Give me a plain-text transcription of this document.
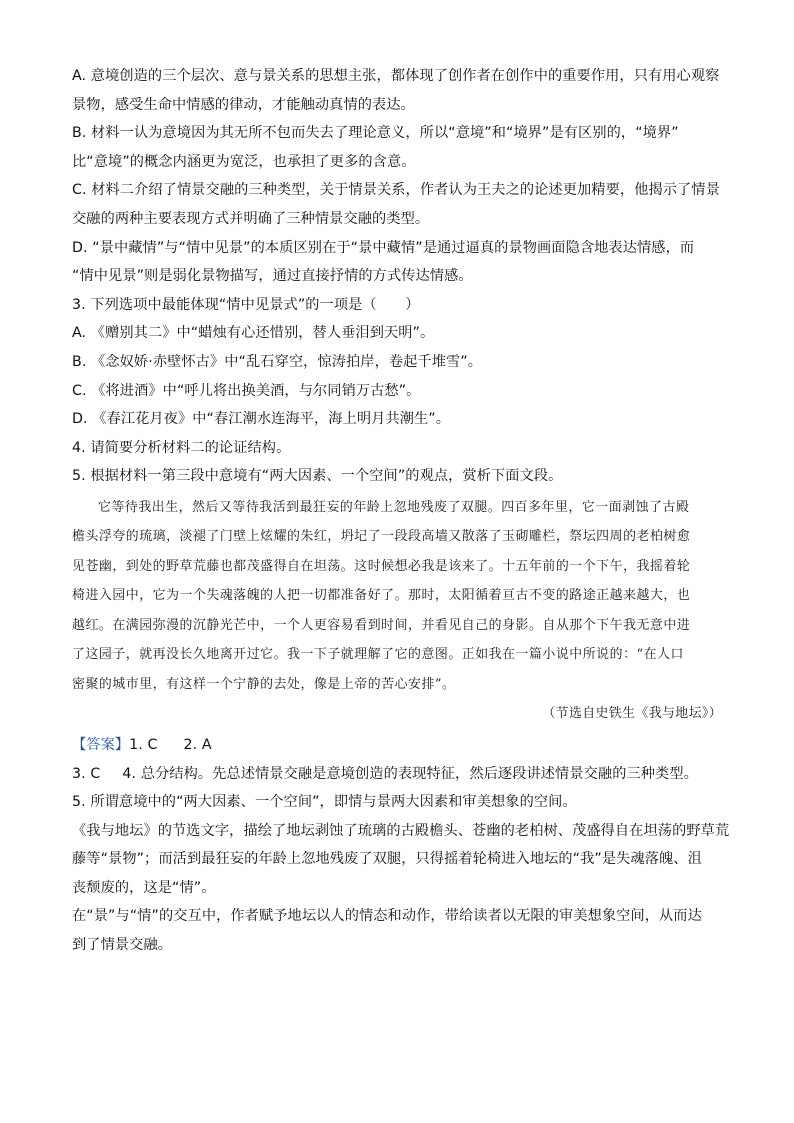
A. 意境创造的三个层次、意与景关系的思想主张，都体现了创作者在创作中的重要作用，只有用心观察
景物，感受生命中情感的律动，才能触动真情的表达。
B. 材料一认为意境因为其无所不包而失去了理论意义，所以“意境”和“境界”是有区别的，“境界”
比“意境”的概念内涵更为宽泛，也承担了更多的含意。
C. 材料二介绍了情景交融的三种类型，关于情景关系，作者认为王夫之的论述更加精要，他揭示了情景
交融的两种主要表现方式并明确了三种情景交融的类型。
D. “景中藏情”与“情中见景”的本质区别在于“景中藏情”是通过逼真的景物画面隐含地表达情感，而
“情中见景”则是弱化景物描写，通过直接抒情的方式传达情感。
3. 下列选项中最能体现“情中见景式”的一项是（　　）
A. 《赠别其二》中“蜡烛有心还惜别，替人垂泪到天明”。
B. 《念奴娇·赤壁怀古》中“乱石穿空，惊涛拍岸，卷起千堆雪”。
C. 《将进酒》中“呼儿将出换美酒，与尔同销万古愁”。
D. 《春江花月夜》中“春江潮水连海平，海上明月共潮生”。
4. 请简要分析材料二的论证结构。
5. 根据材料一第三段中意境有“两大因素、一个空间”的观点，赏析下面文段。
它等待我出生，然后又等待我活到最狂妄的年龄上忽地残废了双腿。四百多年里，它一面剥蚀了古殿
檐头浮夸的琉璃，淡褪了门壁上炫耀的朱红，坍圮了一段段高墙又散落了玉砌雕栏，祭坛四周的老柏树愈
见苍幽，到处的野草荒藤也都茂盛得自在坦荡。这时候想必我是该来了。十五年前的一个下午，我摇着轮
椅进入园中，它为一个失魂落魄的人把一切都准备好了。那时，太阳循着亘古不变的路途正越来越大，也
越红。在满园弥漫的沉静光芒中，一个人更容易看到时间，并看见自己的身影。自从那个下午我无意中进
了这园子，就再没长久地离开过它。我一下子就理解了它的意图。正如我在一篇小说中所说的：“在人口
密聚的城市里，有这样一个宁静的去处，像是上帝的苦心安排”。
（节选自史铁生《我与地坛》）
【答案】1. C 2. A
3. C 4. 总分结构。先总述情景交融是意境创造的表现特征，然后逐段讲述情景交融的三种类型。
5. 所谓意境中的“两大因素、一个空间”，即情与景两大因素和审美想象的空间。
《我与地坛》的节选文字，描绘了地坛剥蚀了琉璃的古殿檐头、苍幽的老柏树、茂盛得自在坦荡的野草荒
藤等“景物”；而活到最狂妄的年龄上忽地残废了双腿，只得摇着轮椅进入地坛的“我”是失魂落魄、沮
丧颓废的，这是“情”。
在“景”与“情”的交互中，作者赋予地坛以人的情态和动作，带给读者以无限的审美想象空间，从而达
到了情景交融。
